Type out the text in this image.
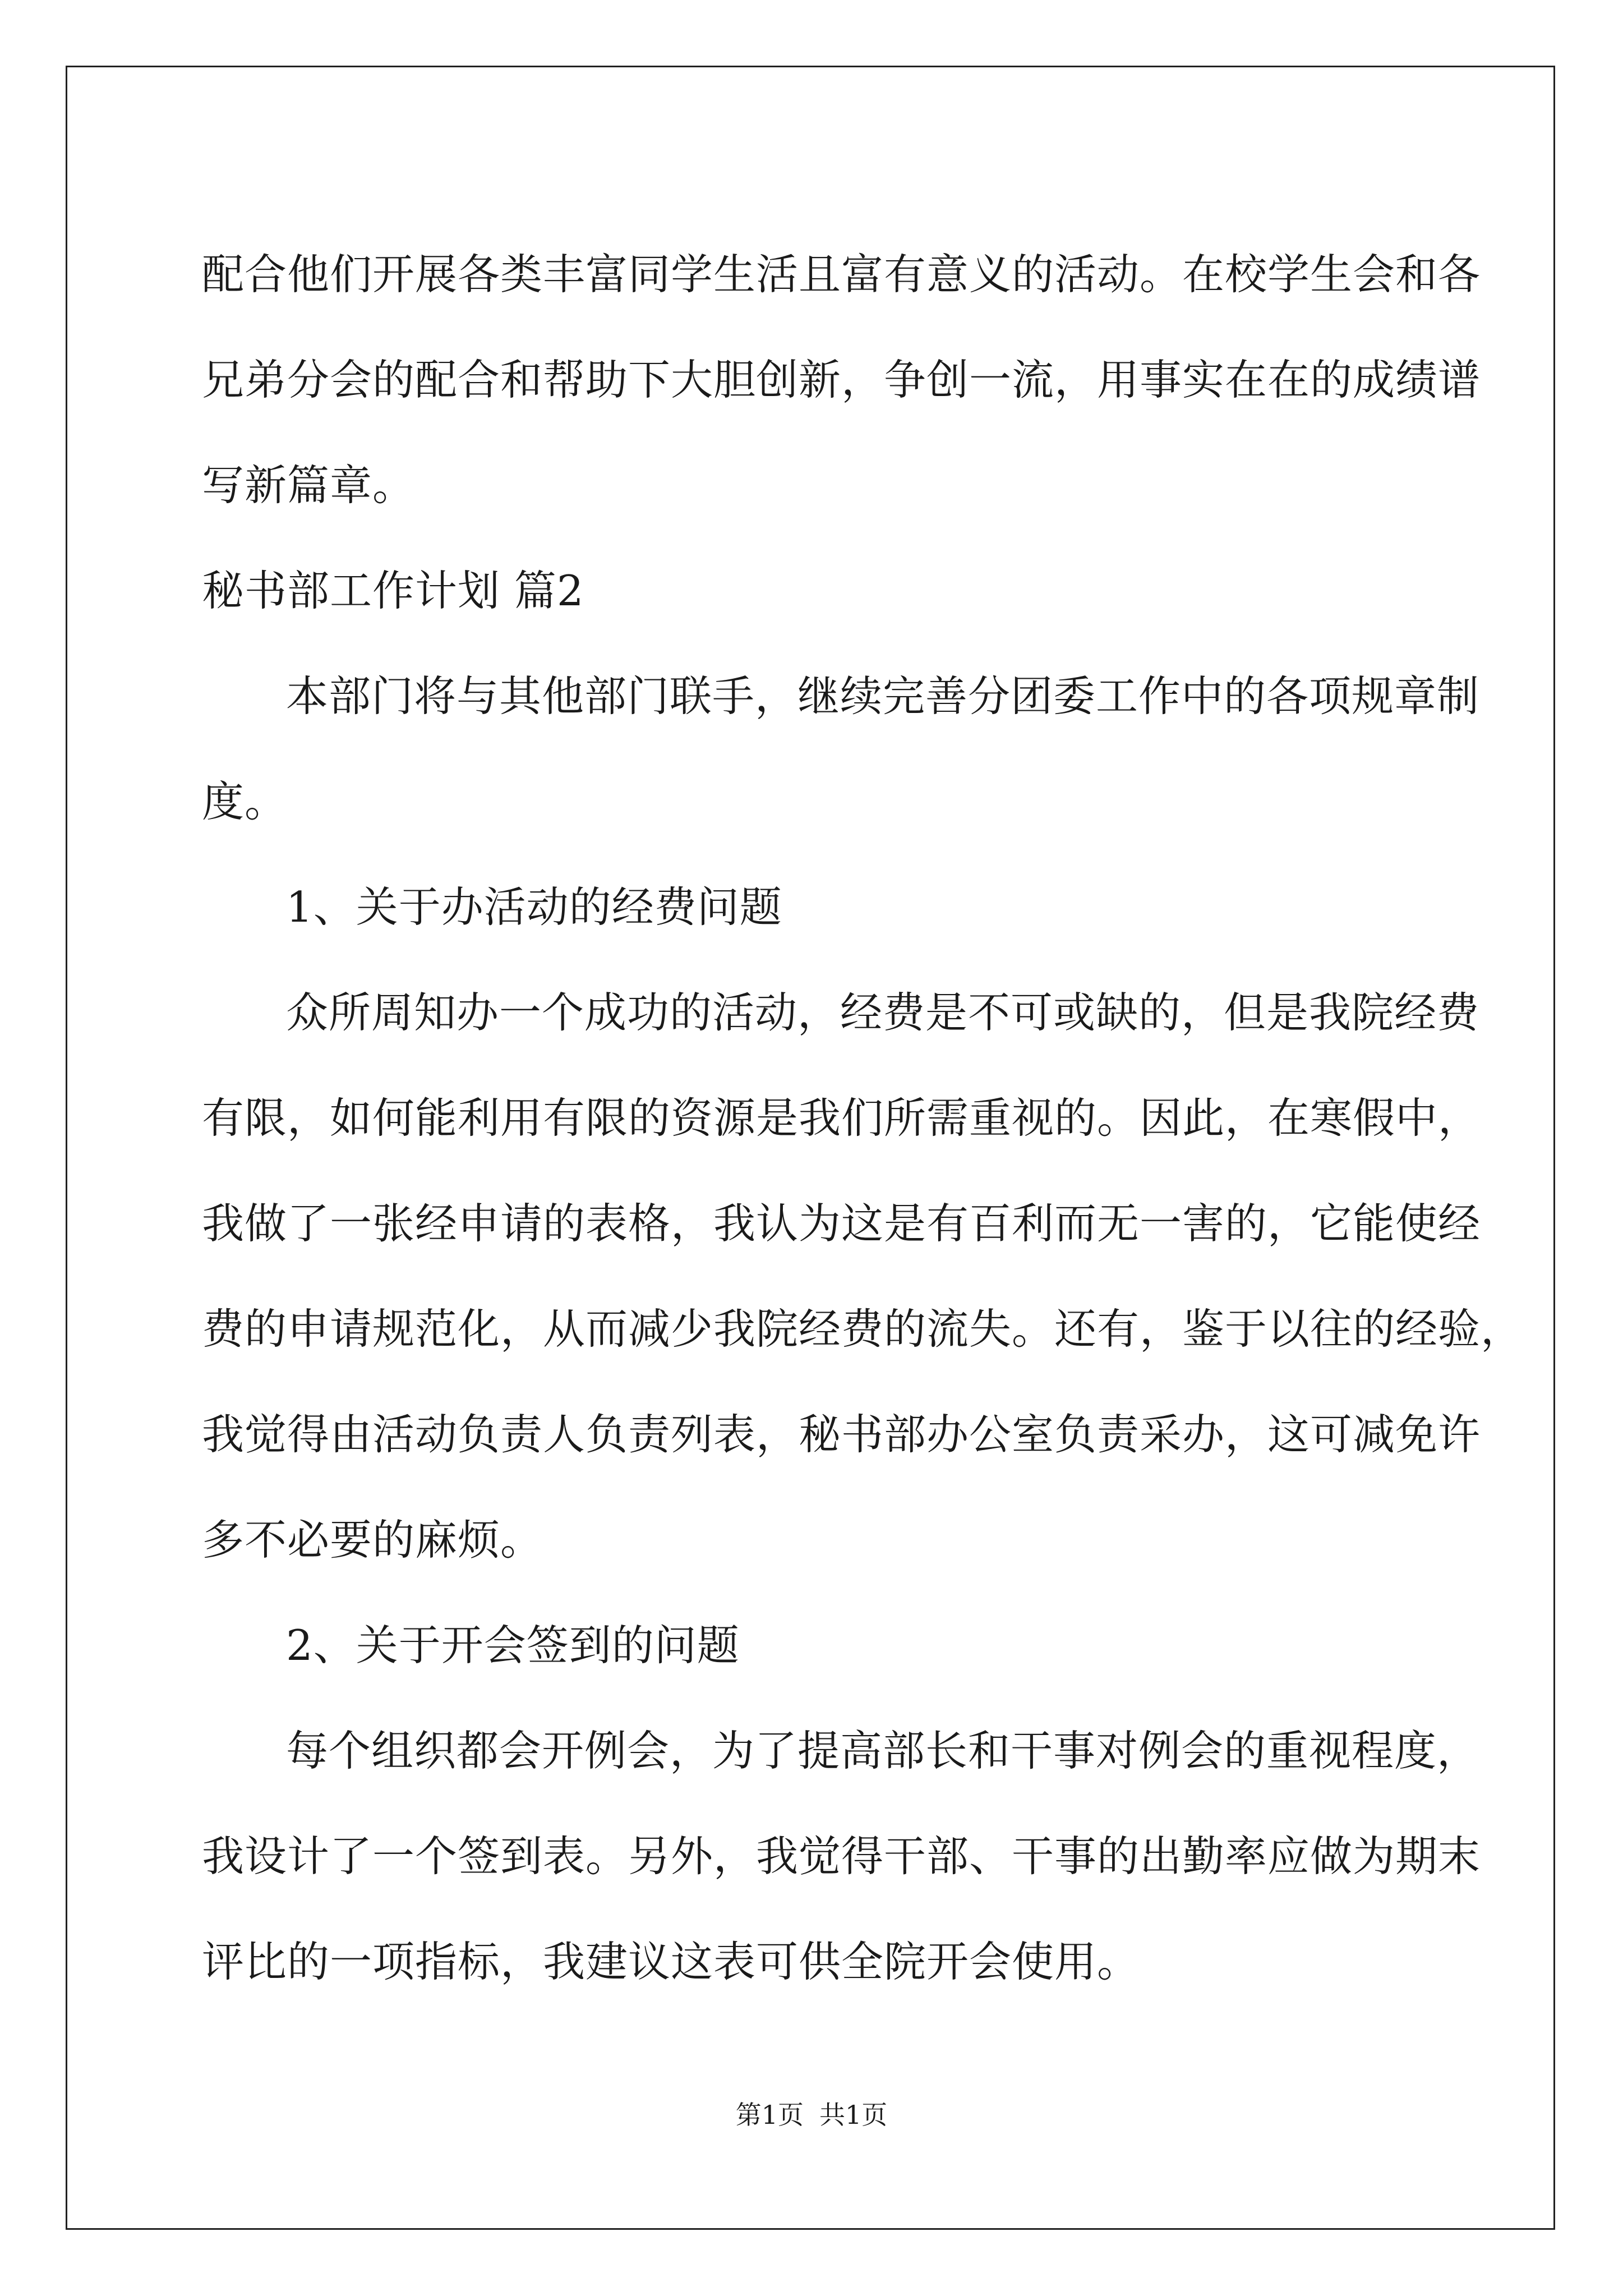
配合他们开展各类丰富同学生活且富有意义的活动。在校学生会和各
兄弟分会的配合和帮助下大胆创新，争创一流，用事实在在的成绩谱
写新篇章。
秘书部工作计划 篇2
本部门将与其他部门联手，继续完善分团委工作中的各项规章制
度。
1、关于办活动的经费问题
众所周知办一个成功的活动，经费是不可或缺的，但是我院经费
有限，如何能利用有限的资源是我们所需重视的。因此，在寒假中，
我做了一张经申请的表格，我认为这是有百利而无一害的，它能使经
费的申请规范化，从而减少我院经费的流失。还有，鉴于以往的经验，
我觉得由活动负责人负责列表，秘书部办公室负责采办，这可减免许
多不必要的麻烦。
2、关于开会签到的问题
每个组织都会开例会，为了提高部长和干事对例会的重视程度，
我设计了一个签到表。另外，我觉得干部、干事的出勤率应做为期末
评比的一项指标，我建议这表可供全院开会使用。
第1页 共1页
